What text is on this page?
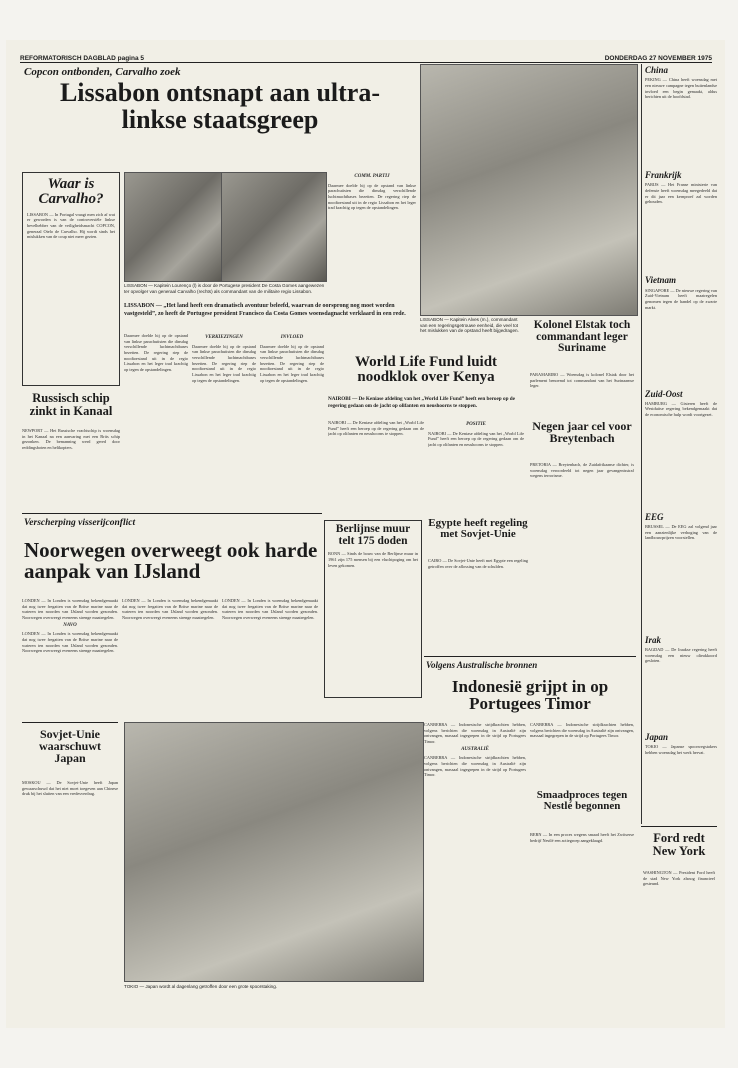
REFORMATORISCH DAGBLAD pagina 5	DONDERDAG 27 NOVEMBER 1975
Copcon ontbonden, Carvalho zoek
Lissabon ontsnapt aan ultra-linkse staatsgreep
Waar is Carvalho?
LISSABON — In Portugal vraagt men zich af wat er geworden is van de controversiële linkse bevelhebber van de veiligheidsmacht COPCON, generaal Otelo de Carvalho. Hij wordt sinds het mislukken van de coup niet meer gezien.
LISSABON — Kapitein Lourenço (l) is door de Portugese president De Costa Gomes aangewezen ter opvolger van generaal Carvalho (rechts) als commandant van de militaire regio Lissabon.
LISSABON — „Het land heeft een dramatisch avontuur beleefd, waarvan de oorsprong nog moet worden vastgesteld”, zo heeft de Portugese president Francisco da Costa Gomes woensdagnacht verklaard in een rede.

Daarmee doelde hij op de opstand van linkse parachutisten die dinsdag verschillende luchtmachtbases bezetten. De regering riep de noodtoestand uit in de regio Lissabon en het leger trad krachtig op tegen de opstandelingen.

VERKIEZINGEN

Daarmee doelde hij op de opstand van linkse parachutisten die dinsdag verschillende luchtmachtbases bezetten. De regering riep de noodtoestand uit in de regio Lissabon en het leger trad krachtig op tegen de opstandelingen.

INVLOED

Daarmee doelde hij op de opstand van linkse parachutisten die dinsdag verschillende luchtmachtbases bezetten. De regering riep de noodtoestand uit in de regio Lissabon en het leger trad krachtig op tegen de opstandelingen.

COMM. PARTIJ

Daarmee doelde hij op de opstand van linkse parachutisten die dinsdag verschillende luchtmachtbases bezetten. De regering riep de noodtoestand uit in de regio Lissabon en het leger trad krachtig op tegen de opstandelingen.

LISSABON — Kapitein Alves (m.), commandant van een regeringsgetrouwe eenheid, die veel tot het mislukken van de opstand heeft bijgedragen.
Russisch schip zinkt in Kanaal
NEWPORT — Het Russische vrachtschip is woensdag in het Kanaal na een aanvaring met een Brits schip gezonken. De bemanning werd gered door reddingsboten en helikopters.
World Life Fund luidt noodklok over Kenya
NAIROBI — De Keniase afdeling van het „World Life Fund” heeft een beroep op de regering gedaan om de jacht op olifanten en neushoorns te stoppen.

NAIROBI — De Keniase afdeling van het „World Life Fund” heeft een beroep op de regering gedaan om de jacht op olifanten en neushoorns te stoppen.

POSITIE

NAIROBI — De Keniase afdeling van het „World Life Fund” heeft een beroep op de regering gedaan om de jacht op olifanten en neushoorns te stoppen.

Kolonel Elstak toch commandant leger Suriname
PARAMARIBO — Woensdag is kolonel Elstak door het parlement benoemd tot commandant van het Surinaamse leger.
Negen jaar cel voor Breytenbach
PRETORIA — Breytenbach, de Zuidafrikaanse dichter, is woensdag veroordeeld tot negen jaar gevangenisstraf wegens terrorisme.
Egypte heeft regeling met Sovjet-Unie
CAIRO — De Sovjet-Unie heeft met Egypte een regeling getroffen over de aflossing van de schulden.
Verscherping visserijconflict
Noorwegen overweegt ook harde aanpak van IJsland

LONDEN — In Londen is woensdag bekendgemaakt dat nog twee fregatten van de Britse marine naar de wateren ten noorden van IJsland worden gezonden. Noorwegen overweegt eveneens strenge maatregelen.

NAVO

LONDEN — In Londen is woensdag bekendgemaakt dat nog twee fregatten van de Britse marine naar de wateren ten noorden van IJsland worden gezonden. Noorwegen overweegt eveneens strenge maatregelen.

LONDEN — In Londen is woensdag bekendgemaakt dat nog twee fregatten van de Britse marine naar de wateren ten noorden van IJsland worden gezonden. Noorwegen overweegt eveneens strenge maatregelen.

LONDEN — In Londen is woensdag bekendgemaakt dat nog twee fregatten van de Britse marine naar de wateren ten noorden van IJsland worden gezonden. Noorwegen overweegt eveneens strenge maatregelen.

Berlijnse muur telt 175 doden
BONN — Sinds de bouw van de Berlijnse muur in 1961 zijn 175 mensen bij een vluchtpoging om het leven gekomen.
Sovjet-Unie waarschuwt Japan
MOSKOU — De Sovjet-Unie heeft Japan gewaarschuwd dat het niet moet toegeven aan Chinese druk bij het sluiten van een vredesverdrag.
TOKIO — Japan wordt al dagenlang getroffen door een grote spoorstaking.
Volgens Australische bronnen
Indonesië grijpt in op Portugees Timor

CANBERRA — Indonesische strijdkrachten hebben, volgens berichten die woensdag in Australië zijn ontvangen, massaal ingegrepen in de strijd op Portugees Timor.

AUSTRALIË

CANBERRA — Indonesische strijdkrachten hebben, volgens berichten die woensdag in Australië zijn ontvangen, massaal ingegrepen in de strijd op Portugees Timor.

CANBERRA — Indonesische strijdkrachten hebben, volgens berichten die woensdag in Australië zijn ontvangen, massaal ingegrepen in de strijd op Portugees Timor.

Smaadproces tegen Nestlé begonnen
BERN — In een proces wegens smaad heeft het Zwitserse bedrijf Nestlé een actiegroep aangeklaagd.
China
PEKING — China heeft woensdag met een nieuwe campagne tegen buitenlandse invloed een begin gemaakt, aldus berichten uit de hoofdstad.
Frankrijk
PARIJS — Het Franse ministerie van defensie heeft woensdag meegedeeld dat er dit jaar een kernproef zal worden gehouden.
Vietnam
SINGAPORE — De nieuwe regering van Zuid-Vietnam heeft maatregelen genomen tegen de handel op de zwarte markt.
Zuid-Oost
HAMBURG — Gisteren heeft de Westduitse regering bekendgemaakt dat de economische hulp wordt voortgezet.
EEG
BRUSSEL — De EEG zal volgend jaar een aanzienlijke verhoging van de landbouwprijzen voorstellen.
Irak
BAGDAD — De Iraakse regering heeft woensdag een nieuw olieakkoord gesloten.
Japan
TOKIO — Japanse spoorwegstakers hebben woensdag het werk hervat.
Ford redt New York
WASHINGTON — President Ford heeft de stad New York alsnog financieel gesteund.
